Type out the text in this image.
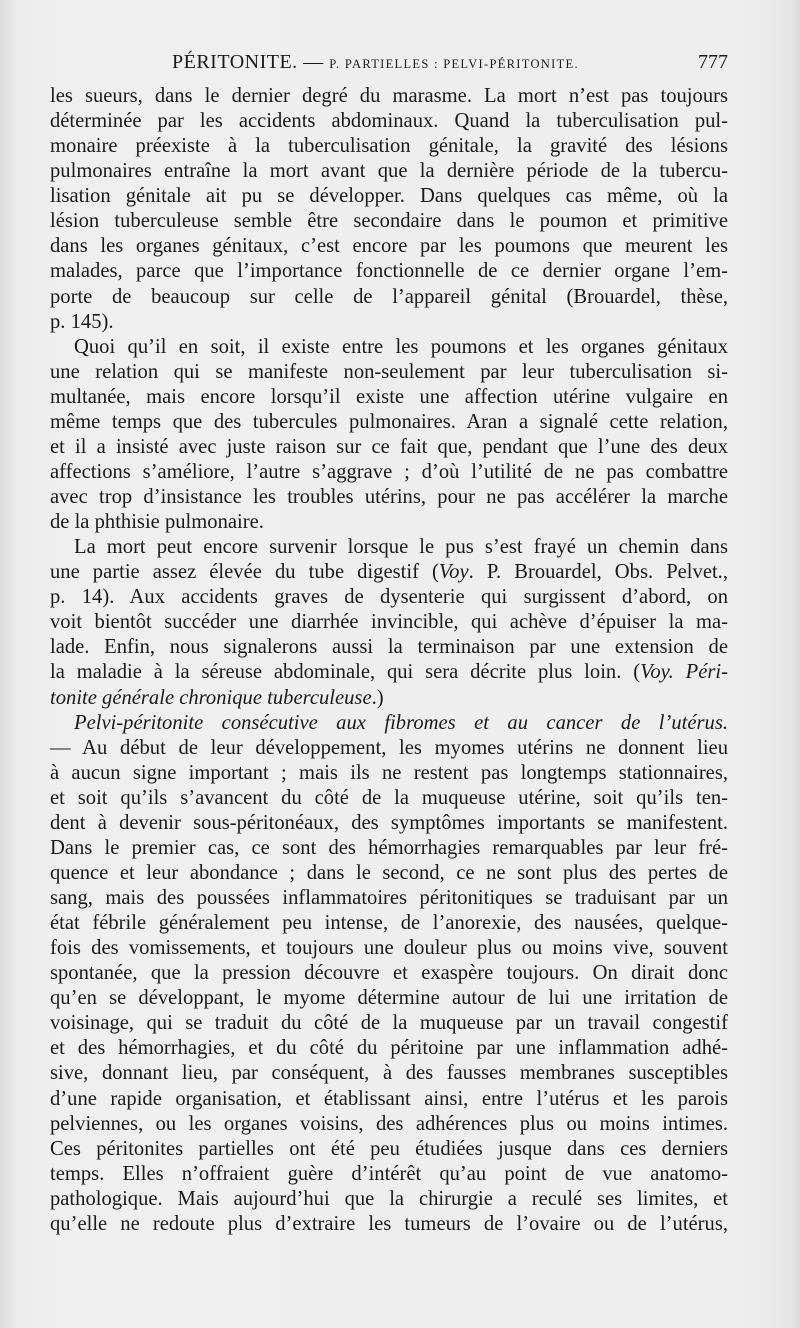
PÉRITONITE. — P. PARTIELLES : PELVI-PÉRITONITE.	777

les sueurs, dans le dernier degré du marasme. La mort n’est pas toujours

déterminée par les accidents abdominaux. Quand la tuberculisation pul-

monaire préexiste à la tuberculisation génitale, la gravité des lésions

pulmonaires entraîne la mort avant que la dernière période de la tubercu-

lisation génitale ait pu se développer. Dans quelques cas même, où la

lésion tuberculeuse semble être secondaire dans le poumon et primitive

dans les organes génitaux, c’est encore par les poumons que meurent les

malades, parce que l’importance fonctionnelle de ce dernier organe l’em-

porte de beaucoup sur celle de l’appareil génital (Brouardel, thèse,

p. 145).

Quoi qu’il en soit, il existe entre les poumons et les organes génitaux

une relation qui se manifeste non-seulement par leur tuberculisation si-

multanée, mais encore lorsqu’il existe une affection utérine vulgaire en

même temps que des tubercules pulmonaires. Aran a signalé cette relation,

et il a insisté avec juste raison sur ce fait que, pendant que l’une des deux

affections s’améliore, l’autre s’aggrave ; d’où l’utilité de ne pas combattre

avec trop d’insistance les troubles utérins, pour ne pas accélérer la marche

de la phthisie pulmonaire.

La mort peut encore survenir lorsque le pus s’est frayé un chemin dans

une partie assez élevée du tube digestif (Voy. P. Brouardel, Obs. Pelvet.,

p. 14). Aux accidents graves de dysenterie qui surgissent d’abord, on

voit bientôt succéder une diarrhée invincible, qui achève d’épuiser la ma-

lade. Enfin, nous signalerons aussi la terminaison par une extension de

la maladie à la séreuse abdominale, qui sera décrite plus loin. (Voy. Péri-

tonite générale chronique tuberculeuse.)

Pelvi-péritonite consécutive aux fibromes et au cancer de l’utérus.

— Au début de leur développement, les myomes utérins ne donnent lieu

à aucun signe important ; mais ils ne restent pas longtemps stationnaires,

et soit qu’ils s’avancent du côté de la muqueuse utérine, soit qu’ils ten-

dent à devenir sous-péritonéaux, des symptômes importants se manifestent.

Dans le premier cas, ce sont des hémorrhagies remarquables par leur fré-

quence et leur abondance ; dans le second, ce ne sont plus des pertes de

sang, mais des poussées inflammatoires péritonitiques se traduisant par un

état fébrile généralement peu intense, de l’anorexie, des nausées, quelque-

fois des vomissements, et toujours une douleur plus ou moins vive, souvent

spontanée, que la pression découvre et exaspère toujours. On dirait donc

qu’en se développant, le myome détermine autour de lui une irritation de

voisinage, qui se traduit du côté de la muqueuse par un travail congestif

et des hémorrhagies, et du côté du péritoine par une inflammation adhé-

sive, donnant lieu, par conséquent, à des fausses membranes susceptibles

d’une rapide organisation, et établissant ainsi, entre l’utérus et les parois

pelviennes, ou les organes voisins, des adhérences plus ou moins intimes.

Ces péritonites partielles ont été peu étudiées jusque dans ces derniers

temps. Elles n’offraient guère d’intérêt qu’au point de vue anatomo-

pathologique. Mais aujourd’hui que la chirurgie a reculé ses limites, et

qu’elle ne redoute plus d’extraire les tumeurs de l’ovaire ou de l’utérus,
